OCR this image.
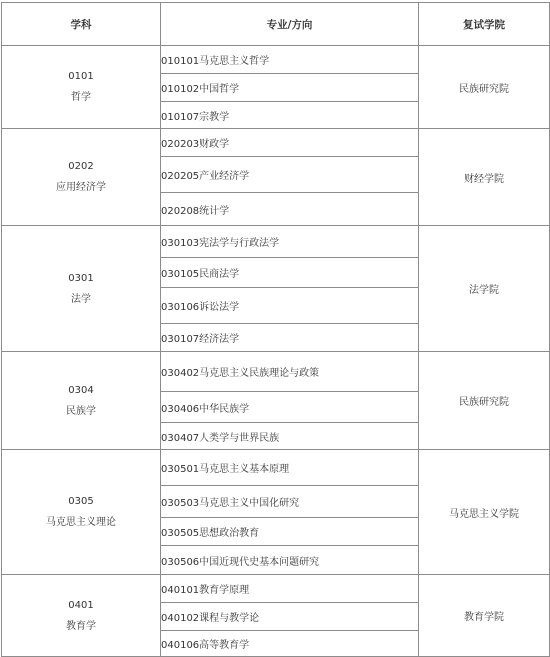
学科	专业/方向	复试学院

0101
哲学	010101马克思主义哲学	民族研究院
	010102中国哲学	
	010107宗教学	

0202
应用经济学	020203财政学	财经学院
	020205产业经济学	
	020208统计学	

0301
法学	030103宪法学与行政法学	法学院
	030105民商法学	
	030106诉讼法学	
	030107经济法学	

0304
民族学	030402马克思主义民族理论与政策	民族研究院
	030406中华民族学	
	030407人类学与世界民族	

0305
马克思主义理论	030501马克思主义基本原理	马克思主义学院
	030503马克思主义中国化研究	
	030505思想政治教育	
	030506中国近现代史基本问题研究	

0401
教育学	040101教育学原理	教育学院
	040102课程与教学论	
	040106高等教育学	
